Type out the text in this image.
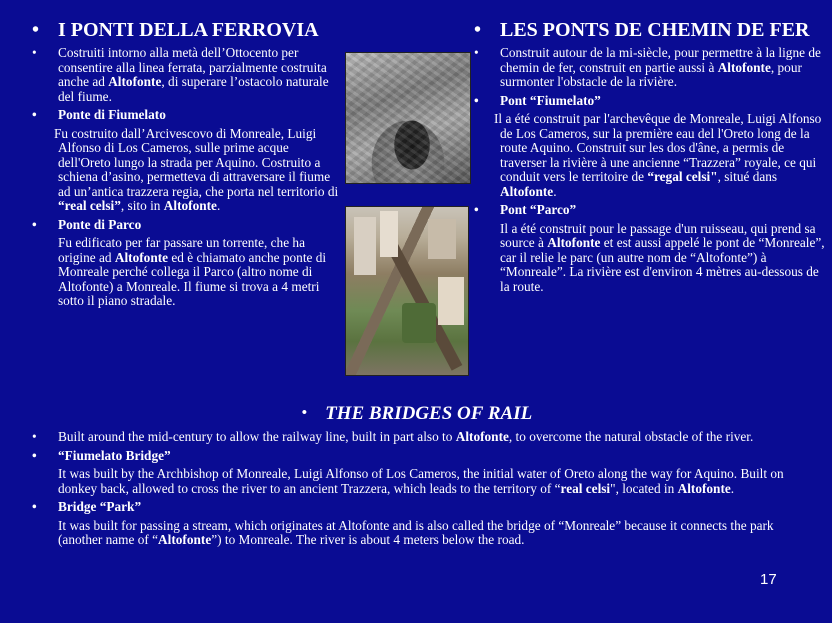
• I PONTI DELLA FERROVIA
• Costruiti intorno alla metà dell’Ottocento per consentire alla linea ferrata, parzialmente costruita anche ad Altofonte, di superare l’ostacolo naturale del fiume.
• Ponte di Fiumelato
Fu costruito dall’Arcivescovo di Monreale, Luigi Alfonso di Los Cameros, sulle prime acque dell'Oreto lungo la strada per Aquino. Costruito a schiena d’asino, permetteva di attraversare il fiume ad un’antica trazzera regia, che porta nel territorio di “real celsi”, sito in Altofonte.
• Ponte di Parco
Fu edificato per far passare un torrente, che ha origine ad Altofonte ed è chiamato anche ponte di Monreale perché collega il Parco (altro nome di Altofonte) a Monreale. Il fiume si trova a 4 metri sotto il piano stradale.
• LES PONTS DE CHEMIN DE FER
• Construit autour de la mi-siècle, pour permettre à la ligne de chemin de fer, construit en partie aussi à Altofonte, pour surmonter l'obstacle de la rivière.
• Pont “Fiumelato”
Il a été construit par l'archevêque de Monreale, Luigi Alfonso de Los Cameros, sur la première eau del l'Oreto long de la route Aquino. Construit sur les dos d'âne, a permis de traverser la rivière à une ancienne “Trazzera” royale, ce qui conduit vers le territoire de “regal celsi", situé dans Altofonte.
• Pont “Parco”
Il a été construit pour le passage d'un ruisseau, qui prend sa source à Altofonte et est aussi appelé le pont de “Monreale”, car il relie le parc (un autre nom de “Altofonte”) à “Monreale”. La rivière est d'environ 4 mètres au-dessous de la route.
• THE BRIDGES OF RAIL
• Built around the mid-century to allow the railway line, built in part also to Altofonte, to overcome the natural obstacle of the river.
• “Fiumelato Bridge”
It was built by the Archbishop of Monreale, Luigi Alfonso of Los Cameros, the initial water of Oreto along the way for Aquino. Built on donkey back, allowed to cross the river to an ancient Trazzera, which leads to the territory of “real celsi", located in Altofonte.
• Bridge “Park”
It was built for passing a stream, which originates at Altofonte and is also called the bridge of “Monreale” because it connects the park (another name of “Altofonte”) to Monreale. The river is about 4 meters below the road.
17
